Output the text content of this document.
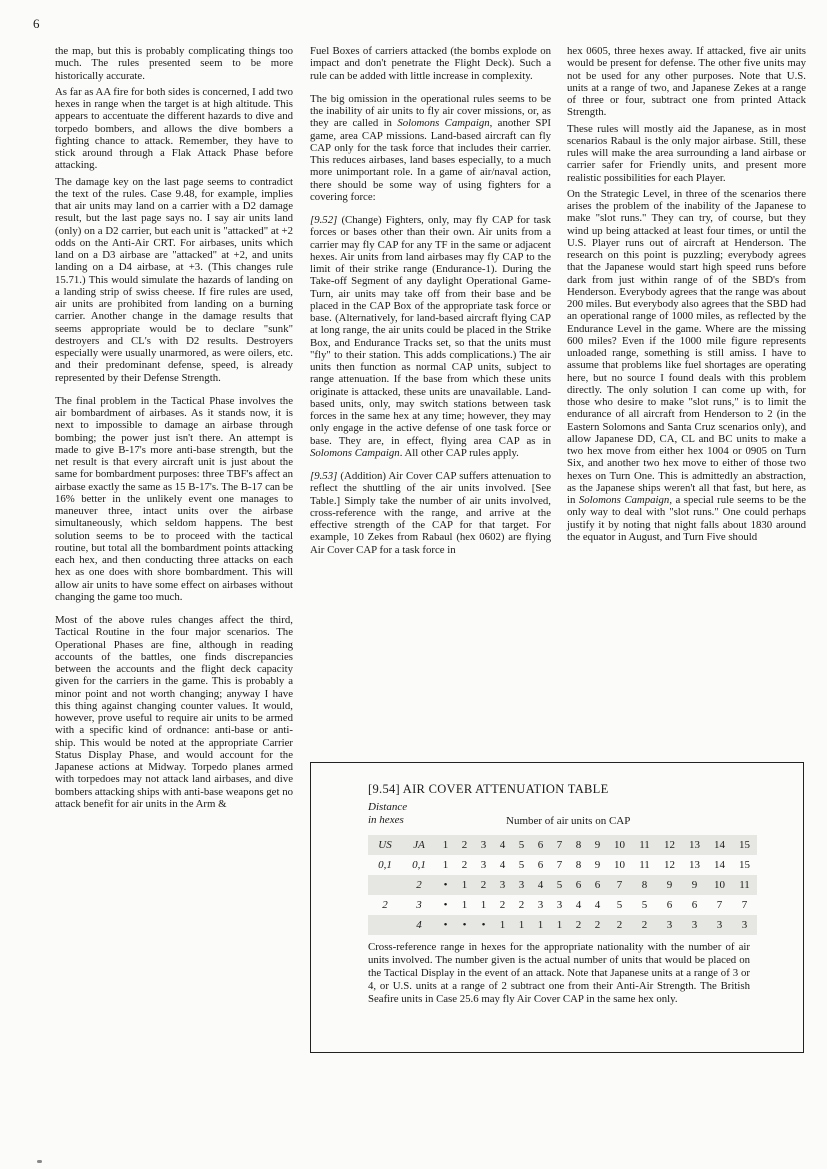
6

the map, but this is probably complicating things too much. The rules presented seem to be more historically accurate.

As far as AA fire for both sides is concerned, I add two hexes in range when the target is at high altitude. This appears to accentuate the different hazards to dive and torpedo bombers, and allows the dive bombers a fighting chance to attack. Remember, they have to stick around through a Flak Attack Phase before attacking.

The damage key on the last page seems to contradict the text of the rules. Case 9.48, for example, implies that air units may land on a carrier with a D2 damage result, but the last page says no. I say air units land (only) on a D2 carrier, but each unit is "attacked" at +2 odds on the Anti-Air CRT. For airbases, units which land on a D3 airbase are "attacked" at +2, and units landing on a D4 airbase, at +3. (This changes rule 15.71.) This would simulate the hazards of landing on a landing strip of swiss cheese. If fire rules are used, air units are prohibited from landing on a burning carrier. Another change in the damage results that seems appropriate would be to declare "sunk" destroyers and CL's with D2 results. Destroyers especially were usually unarmored, as were oilers, etc. and their predominant defense, speed, is already represented by their Defense Strength.

The final problem in the Tactical Phase involves the air bombardment of airbases. As it stands now, it is next to impossible to damage an airbase through bombing; the power just isn't there. An attempt is made to give B-17's more anti-base strength, but the net result is that every aircraft unit is just about the same for bombardment purposes: three TBF's affect an airbase exactly the same as 15 B-17's. The B-17 can be 16% better in the unlikely event one manages to maneuver three, intact units over the airbase simultaneously, which seldom happens. The best solution seems to be to proceed with the tactical routine, but total all the bombardment points attacking each hex, and then conducting three attacks on each hex as one does with shore bombardment. This will allow air units to have some effect on airbases without changing the game too much.

Most of the above rules changes affect the third, Tactical Routine in the four major scenarios. The Operational Phases are fine, although in reading accounts of the battles, one finds discrepancies between the accounts and the flight deck capacity given for the carriers in the game. This is probably a minor point and not worth changing; anyway I have this thing against changing counter values. It would, however, prove useful to require air units to be armed with a specific kind of ordnance: anti-base or anti-ship. This would be noted at the appropriate Carrier Status Display Phase, and would account for the Japanese actions at Midway. Torpedo planes armed with torpedoes may not attack land airbases, and dive bombers attacking ships with anti-base weapons get no attack benefit for air units in the Arm &

Fuel Boxes of carriers attacked (the bombs explode on impact and don't penetrate the Flight Deck). Such a rule can be added with little increase in complexity.

The big omission in the operational rules seems to be the inability of air units to fly air cover missions, or, as they are called in Solomons Campaign, another SPI game, area CAP missions. Land-based aircraft can fly CAP only for the task force that includes their carrier. This reduces airbases, land bases especially, to a much more unimportant role. In a game of air/naval action, there should be some way of using fighters for a covering force:

[9.52] (Change) Fighters, only, may fly CAP for task forces or bases other than their own. Air units from a carrier may fly CAP for any TF in the same or adjacent hexes. Air units from land airbases may fly CAP to the limit of their strike range (Endurance-1). During the Take-off Segment of any daylight Operational Game-Turn, air units may take off from their base and be placed in the CAP Box of the appropriate task force or base. (Alternatively, for land-based aircraft flying CAP at long range, the air units could be placed in the Strike Box, and Endurance Tracks set, so that the units must "fly" to their station. This adds complications.) The air units then function as normal CAP units, subject to range attenuation. If the base from which these units originate is attacked, these units are unavailable. Land-based units, only, may switch stations between task forces in the same hex at any time; however, they may only engage in the active defense of one task force or base. They are, in effect, flying area CAP as in Solomons Campaign. All other CAP rules apply.

[9.53] (Addition) Air Cover CAP suffers attenuation to reflect the shuttling of the air units involved. [See Table.] Simply take the number of air units involved, cross-reference with the range, and arrive at the effective strength of the CAP for that target. For example, 10 Zekes from Rabaul (hex 0602) are flying Air Cover CAP for a task force in

hex 0605, three hexes away. If attacked, five air units would be present for defense. The other five units may not be used for any other purposes. Note that U.S. units at a range of two, and Japanese Zekes at a range of three or four, subtract one from printed Attack Strength.

These rules will mostly aid the Japanese, as in most scenarios Rabaul is the only major airbase. Still, these rules will make the area surrounding a land airbase or carrier safer for Friendly units, and present more realistic possibilities for each Player.

On the Strategic Level, in three of the scenarios there arises the problem of the inability of the Japanese to make "slot runs." They can try, of course, but they wind up being attacked at least four times, or until the U.S. Player runs out of aircraft at Henderson. The research on this point is puzzling; everybody agrees that the Japanese would start high speed runs before dark from just within range of of the SBD's from Henderson. Everybody agrees that the range was about 200 miles. But everybody also agrees that the SBD had an operational range of 1000 miles, as reflected by the Endurance Level in the game. Where are the missing 600 miles? Even if the 1000 mile figure represents unloaded range, something is still amiss. I have to assume that problems like fuel shortages are operating here, but no source I found deals with this problem directly. The only solution I can come up with, for those who desire to make "slot runs," is to limit the endurance of all aircraft from Henderson to 2 (in the Eastern Solomons and Santa Cruz scenarios only), and allow Japanese DD, CA, CL and BC units to make a two hex move from either hex 1004 or 0905 on Turn Six, and another two hex move to either of those two hexes on Turn One. This is admittedly an abstraction, as the Japanese ships weren't all that fast, but here, as in Solomons Campaign, a special rule seems to be the only way to deal with "slot runs." One could perhaps justify it by noting that night falls about 1830 around the equator in August, and Turn Five should

[9.54] AIR COVER ATTENUATION TABLE
Distance
in hexes	Number of air units on CAP
US	JA	1	2	3	4	5	6	7	8	9	10	11	12	13	14	15
0,1	0,1	1	2	3	4	5	6	7	8	9	10	11	12	13	14	15
	2	•	1	2	3	3	4	5	6	6	7	8	9	9	10	11
2	3	•	1	1	2	2	3	3	4	4	5	5	6	6	7	7
	4	•	•	•	1	1	1	1	2	2	2	2	3	3	3	3
Cross-reference range in hexes for the appropriate nationality with the number of air units involved. The number given is the actual number of units that would be placed on the Tactical Display in the event of an attack. Note that Japanese units at a range of 3 or 4, or U.S. units at a range of 2 subtract one from their Anti-Air Strength. The British Seafire units in Case 25.6 may fly Air Cover CAP in the same hex only.
